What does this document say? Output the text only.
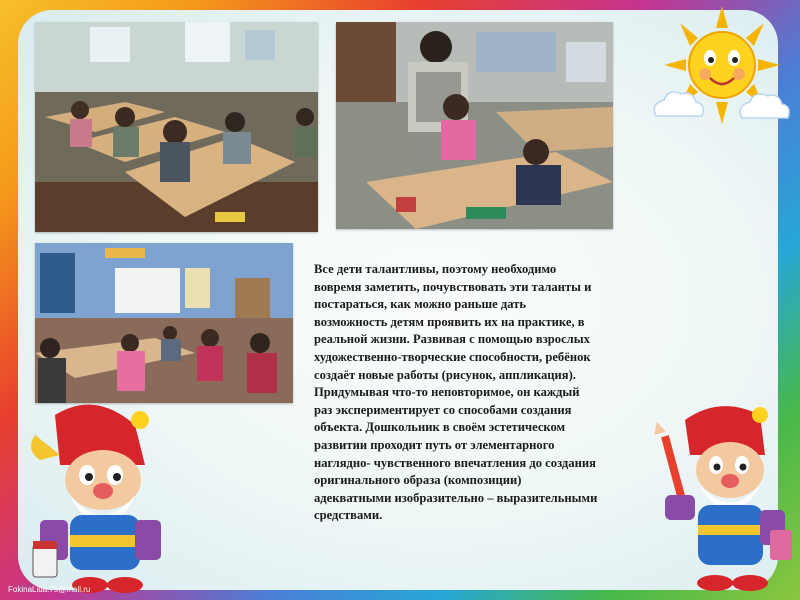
Все дети талантливы, поэтому необходимо
вовремя заметить, почувствовать эти таланты и
постараться, как можно раньше дать
возможность детям проявить их на практике, в
реальной жизни. Развивая с помощью взрослых
художественно-творческие способности, ребёнок
создаёт новые работы (рисунок, аппликация).
Придумывая что-то неповторимое, он каждый
раз экспериментирует со способами создания
объекта. Дошкольник в своём эстетическом
развитии проходит путь от элементарного
наглядно- чувственного впечатления до создания
оригинального образа (композиции)
адекватными изобразительно – выразительными
средствами.
FokinaLida.75@mail.ru
